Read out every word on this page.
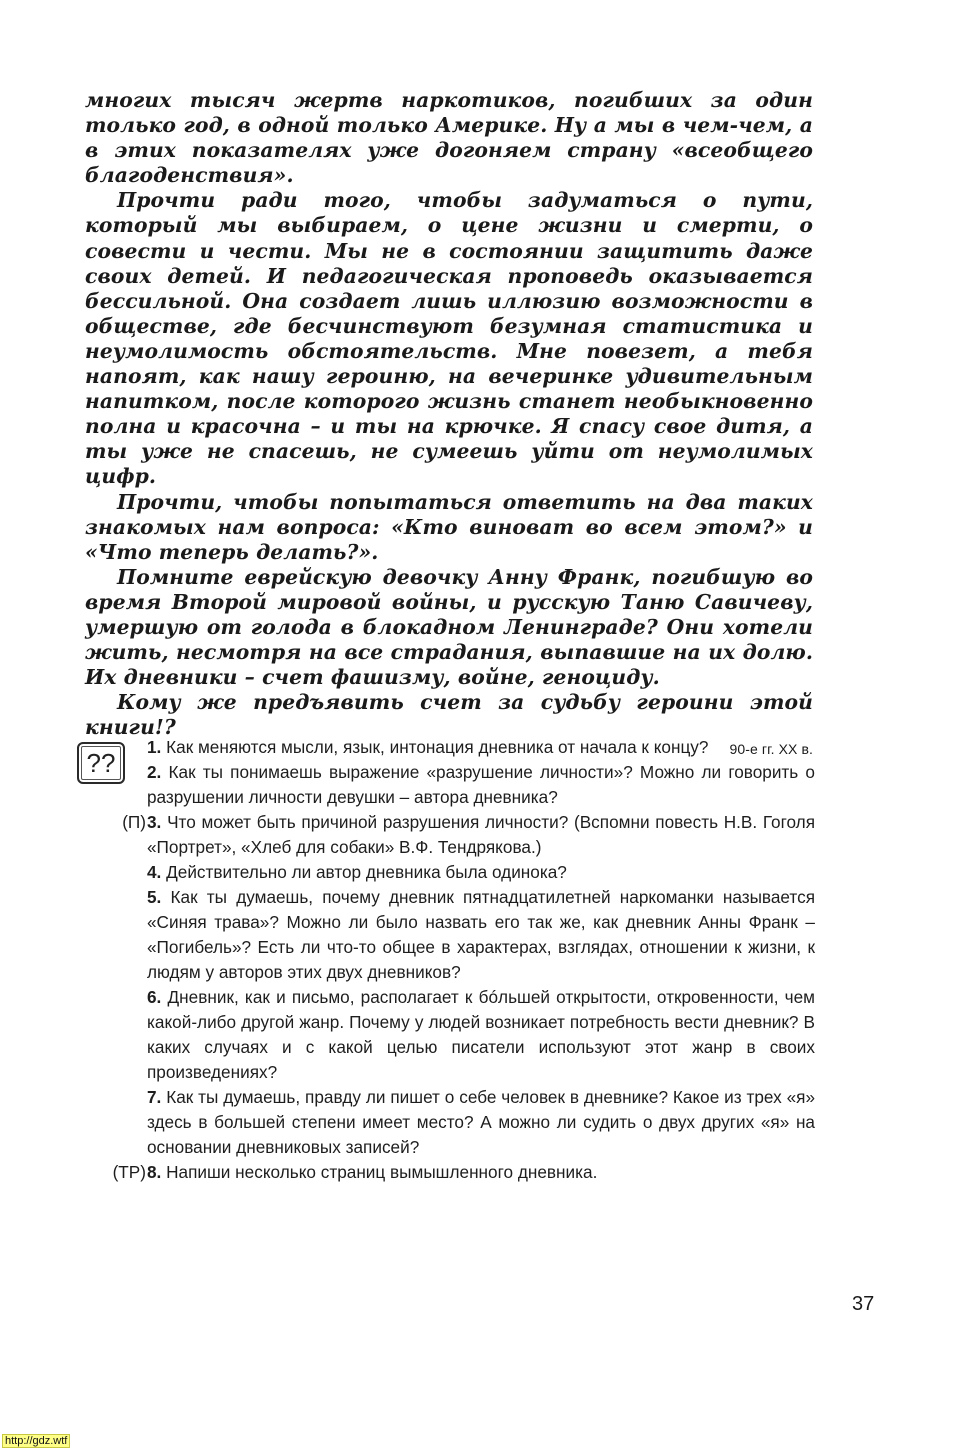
многих тысяч жертв наркотиков, погибших за один только год, в одной только Америке. Ну а мы в чем-чем, а в этих показателях уже догоняем страну «всеобщего благоденствия».

Прочти ради того, чтобы задуматься о пути, который мы выбираем, о цене жизни и смерти, о совести и чести. Мы не в состоянии защитить даже своих детей. И педагогическая проповедь оказывается бессильной. Она создает лишь иллюзию возможности в обществе, где бесчинствуют безумная статистика и неумолимость обстоятельств. Мне повезет, а тебя напоят, как нашу героиню, на вечеринке удивительным напитком, после которого жизнь станет необыкновенно полна и красочна – и ты на крючке. Я спасу свое дитя, а ты уже не спасешь, не сумеешь уйти от неумолимых цифр.

Прочти, чтобы попытаться ответить на два таких знакомых нам вопроса: «Кто виноват во всем этом?» и «Что теперь делать?».

Помните еврейскую девочку Анну Франк, погибшую во время Второй мировой войны, и русскую Таню Савичеву, умершую от голода в блокадном Ленинграде? Они хотели жить, несмотря на все страдания, выпавшие на их долю. Их дневники – счет фашизму, войне, геноциду.

Кому же предъявить счет за судьбу героини этой книги!?

90-е гг. ХХ в.

??

1. Как меняются мысли, язык, интонация дневника от начала к концу?

2. Как ты понимаешь выражение «разрушение личности»? Можно ли говорить о разрушении личности девушки – автора дневника?

(П) 3. Что может быть причиной разрушения личности? (Вспомни повесть Н.В. Гоголя «Портрет», «Хлеб для собаки» В.Ф. Тендрякова.)

4. Действительно ли автор дневника была одинока?

5. Как ты думаешь, почему дневник пятнадцатилетней наркоманки называется «Синяя трава»? Можно ли было назвать его так же, как дневник Анны Франк – «Погибель»? Есть ли что-то общее в характерах, взглядах, отношении к жизни, к людям у авторов этих двух дневников?

6. Дневник, как и письмо, располагает к бóльшей открытости, откровенности, чем какой-либо другой жанр. Почему у людей возникает потребность вести дневник? В каких случаях и с какой целью писатели используют этот жанр в своих произведениях?

7. Как ты думаешь, правду ли пишет о себе человек в дневнике? Какое из трех «я» здесь в большей степени имеет место? А можно ли судить о двух других «я» на основании дневниковых записей?

(ТР) 8. Напиши несколько страниц вымышленного дневника.

37
http://gdz.wtf
